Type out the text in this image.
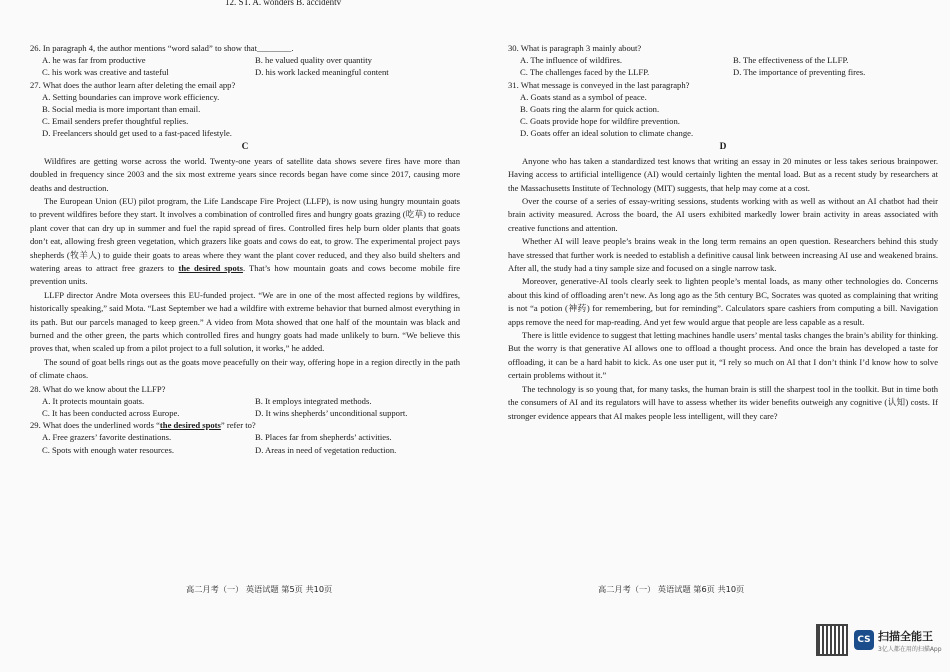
12. ST. A. wonders B. accidentv
26. In paragraph 4, the author mentions “word salad” to show that________.
A. he was far from productive	B. he valued quality over quantity
C. his work was creative and tasteful	D. his work lacked meaningful content
27. What does the author learn after deleting the email app?
A. Setting boundaries can improve work efficiency.
B. Social media is more important than email.
C. Email senders prefer thoughtful replies.
D. Freelancers should get used to a fast-paced lifestyle.
C

Wildfires are getting worse across the world. Twenty-one years of satellite data shows severe fires have more than doubled in frequency since 2003 and the six most extreme years since records began have come since 2017, causing more deaths and destruction.

The European Union (EU) pilot program, the Life Landscape Fire Project (LLFP), is now using hungry mountain goats to prevent wildfires before they start. It involves a combination of controlled fires and hungry goats grazing (吃草) to reduce plant cover that can dry up in summer and fuel the rapid spread of fires. Controlled fires help burn older plants that goats don’t eat, allowing fresh green vegetation, which grazers like goats and cows do eat, to grow. The experimental project pays shepherds (牧羊人) to guide their goats to areas where they want the plant cover reduced, and they also build shelters and watering areas to attract free grazers to the desired spots. That’s how mountain goats and cows become mobile fire prevention units.

LLFP director Andre Mota oversees this EU-funded project. “We are in one of the most affected regions by wildfires, historically speaking,” said Mota. “Last September we had a wildfire with extreme behavior that burned almost everything in its path. But our parcels managed to keep green.” A video from Mota showed that one half of the mountain was black and burned and the other green, the parts which controlled fires and hungry goats had made unlikely to burn. “We believe this proves that, when scaled up from a pilot project to a full solution, it works,” he added.

The sound of goat bells rings out as the goats move peacefully on their way, offering hope in a region directly in the path of climate chaos.

28. What do we know about the LLFP?
A. It protects mountain goats.	B. It employs integrated methods.
C. It has been conducted across Europe.	D. It wins shepherds’ unconditional support.
29. What does the underlined words “the desired spots” refer to?
A. Free grazers’ favorite destinations.	B. Places far from shepherds’ activities.
C. Spots with enough water resources.	D. Areas in need of vegetation reduction.
高二月考（一） 英语试题 第5页 共10页
30. What is paragraph 3 mainly about?
A. The influence of wildfires.	B. The effectiveness of the LLFP.
C. The challenges faced by the LLFP.	D. The importance of preventing fires.
31. What message is conveyed in the last paragraph?
A. Goats stand as a symbol of peace.
B. Goats ring the alarm for quick action.
C. Goats provide hope for wildfire prevention.
D. Goats offer an ideal solution to climate change.
D

Anyone who has taken a standardized test knows that writing an essay in 20 minutes or less takes serious brainpower. Having access to artificial intelligence (AI) would certainly lighten the mental load. But as a recent study by researchers at the Massachusetts Institute of Technology (MIT) suggests, that help may come at a cost.

Over the course of a series of essay-writing sessions, students working with as well as without an AI chatbot had their brain activity measured. Across the board, the AI users exhibited markedly lower brain activity in areas associated with creative functions and attention.

Whether AI will leave people’s brains weak in the long term remains an open question. Researchers behind this study have stressed that further work is needed to establish a definitive causal link between increasing AI use and weakened brains. After all, the study had a tiny sample size and focused on a single narrow task.

Moreover, generative-AI tools clearly seek to lighten people’s mental loads, as many other technologies do. Concerns about this kind of offloading aren’t new. As long ago as the 5th century BC, Socrates was quoted as complaining that writing is not “a potion (神药) for remembering, but for reminding”. Calculators spare cashiers from computing a bill. Navigation apps remove the need for map-reading. And yet few would argue that people are less capable as a result.

There is little evidence to suggest that letting machines handle users’ mental tasks changes the brain’s ability for thinking. But the worry is that generative AI allows one to offload a thought process. And once the brain has developed a taste for offloading, it can be a hard habit to kick. As one user put it, “I rely so much on AI that I don’t think I’d know how to solve certain problems without it.”

The technology is so young that, for many tasks, the human brain is still the sharpest tool in the toolkit. But in time both the consumers of AI and its regulators will have to assess whether its wider benefits outweigh any cognitive (认知) costs. If stronger evidence appears that AI makes people less intelligent, will they care?

高二月考（一） 英语试题 第6页 共10页
CS 扫描全能王
3亿人都在用的扫描App
